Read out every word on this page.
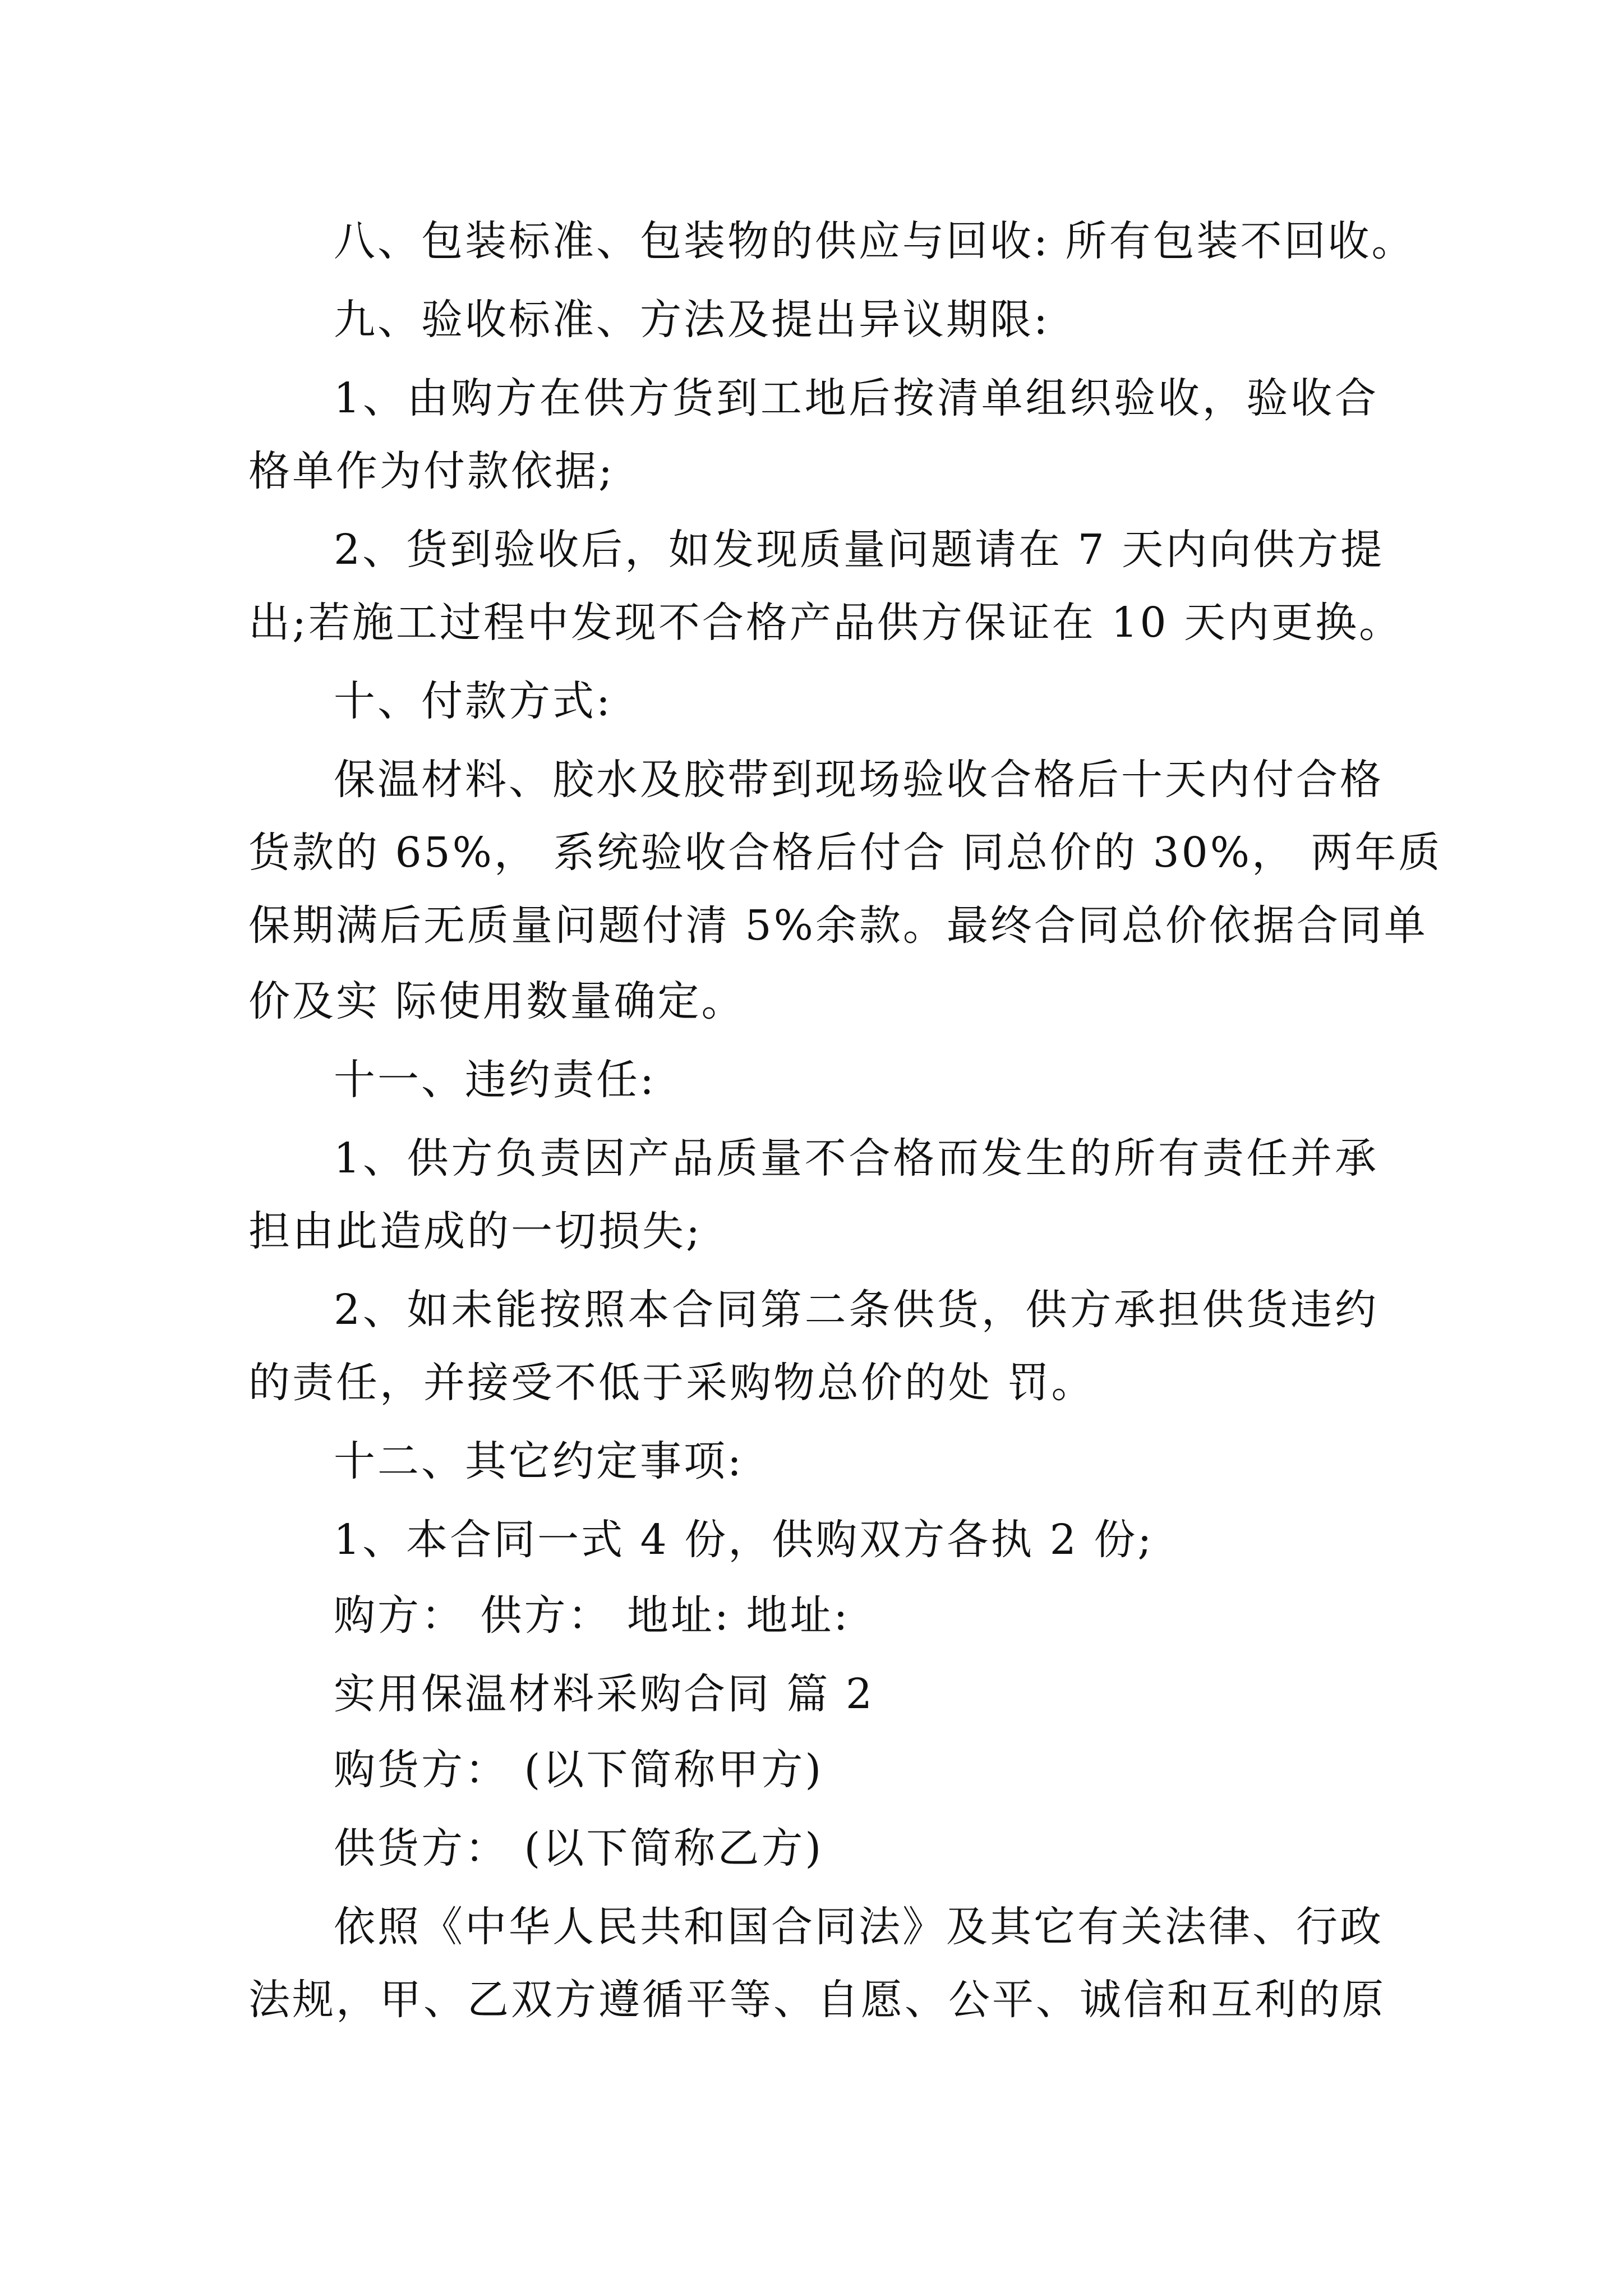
八、包装标准、包装物的供应与回收: 所有包装不回收。
九、验收标准、方法及提出异议期限:
1、由购方在供方货到工地后按清单组织验收，验收合
格单作为付款依据;
2、货到验收后，如发现质量问题请在 7 天内向供方提
出;若施工过程中发现不合格产品供方保证在 10 天内更换。
十、付款方式:
保温材料、胶水及胶带到现场验收合格后十天内付合格
货款的 65%， 系统验收合格后付合 同总价的 30%， 两年质
保期满后无质量问题付清 5%余款。最终合同总价依据合同单
价及实 际使用数量确定。
十一、违约责任:
1、供方负责因产品质量不合格而发生的所有责任并承
担由此造成的一切损失;
2、如未能按照本合同第二条供货，供方承担供货违约
的责任，并接受不低于采购物总价的处 罚。
十二、其它约定事项:
1、本合同一式 4 份，供购双方各执 2 份;
购方： 供方： 地址: 地址:
实用保温材料采购合同 篇 2
购货方： (以下简称甲方)
供货方： (以下简称乙方)
依照《中华人民共和国合同法》及其它有关法律、行政
法规，甲、乙双方遵循平等、自愿、公平、诚信和互利的原
